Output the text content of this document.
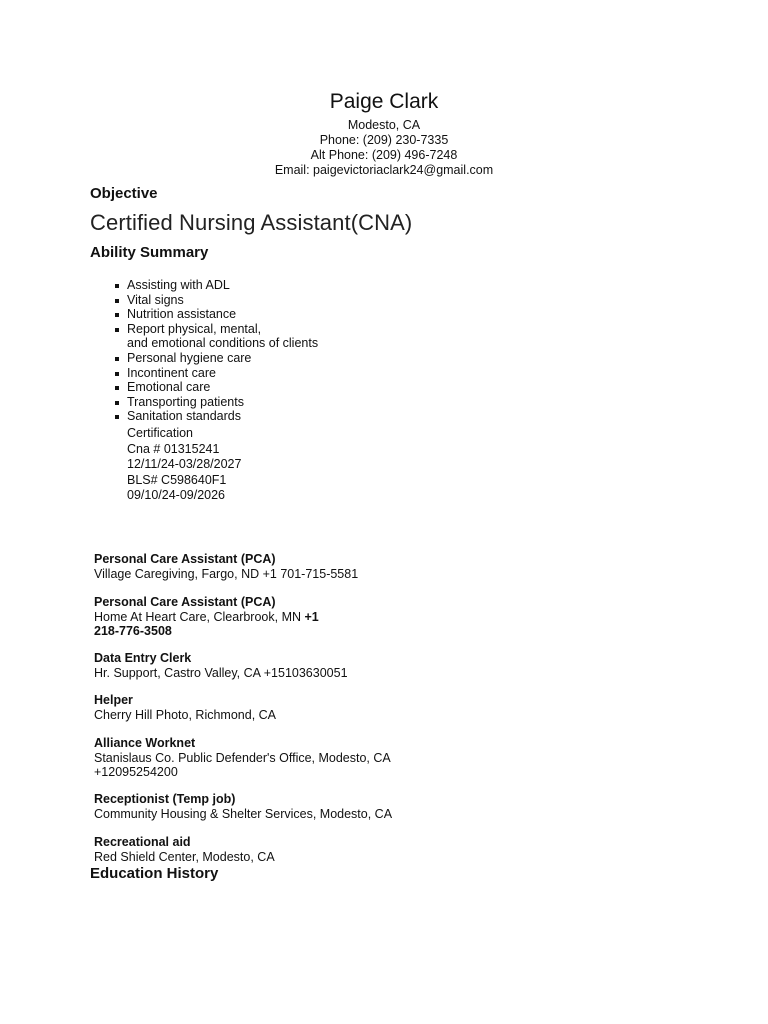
Paige Clark
Modesto, CA
Phone: (209) 230-7335
Alt Phone: (209) 496-7248
Email: paigevictoriaclark24@gmail.com
Objective
Certified Nursing Assistant(CNA)
Ability Summary
Assisting with ADL
Vital signs
Nutrition assistance
Report physical, mental,
and emotional conditions of clients
Personal hygiene care
Incontinent care
Emotional care
Transporting patients
Sanitation standards
Certification
Cna # 01315241
12/11/24-03/28/2027
BLS# C598640F1
09/10/24-09/2026
Personal Care Assistant (PCA)
Village Caregiving, Fargo, ND +1 701-715-5581
Personal Care Assistant (PCA)
Home At Heart Care, Clearbrook, MN +1
218-776-3508
Data Entry Clerk
Hr. Support, Castro Valley, CA +15103630051
Helper
Cherry Hill Photo, Richmond, CA
Alliance Worknet
Stanislaus Co. Public Defender's Office, Modesto, CA
+12095254200
Receptionist (Temp job)
Community Housing & Shelter Services, Modesto, CA
Recreational aid
Red Shield Center, Modesto, CA
Education History
